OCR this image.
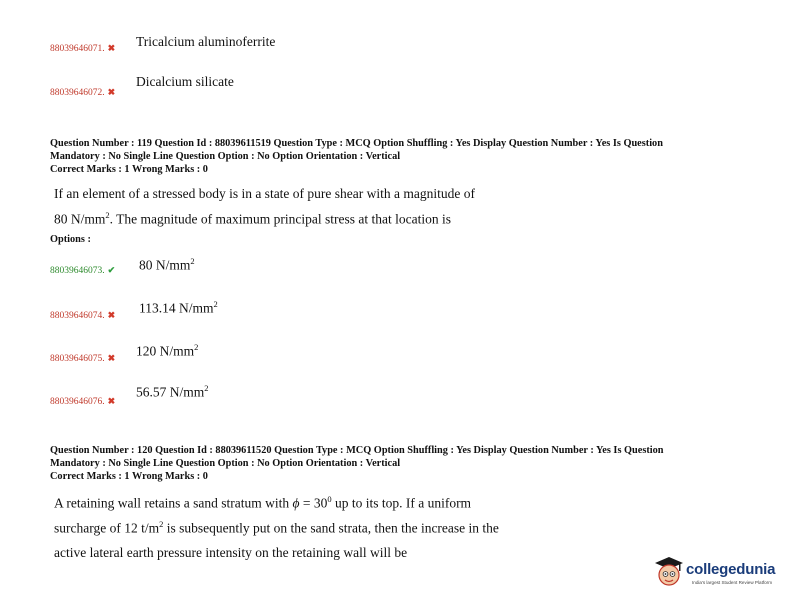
88039646071. ✖ Tricalcium aluminoferrite
88039646072. ✖
Dicalcium silicate
Question Number : 119 Question Id : 88039611519 Question Type : MCQ Option Shuffling : Yes Display Question Number : Yes Is Question
Mandatory : No Single Line Question Option : No Option Orientation : Vertical
Correct Marks : 1 Wrong Marks : 0
If an element of a stressed body is in a state of pure shear with a magnitude of
80 $N/mm^2$. The magnitude of maximum principal stress at that location is
Options :
88039646073. ✔ 80 $N/mm^2$
88039646074. ✖ 113.14 $N/mm^2$
88039646075. ✖ 120 $N/mm^2$
88039646076. ✖
56.57 $N/mm^2$
Question Number : 120 Question Id : 88039611520 Question Type : MCQ Option Shuffling : Yes Display Question Number : Yes Is Question
Mandatory : No Single Line Question Option : No Option Orientation : Vertical
Correct Marks : 1 Wrong Marks : 0
A retaining wall retains a sand stratum with $\phi = 30^0$ up to its top. If a uniform
surcharge of 12 $t/m^2$ is subsequently put on the sand strata, then the increase in the
active lateral earth pressure intensity on the retaining wall will be
collegedunia
India's largest Student Review Platform
